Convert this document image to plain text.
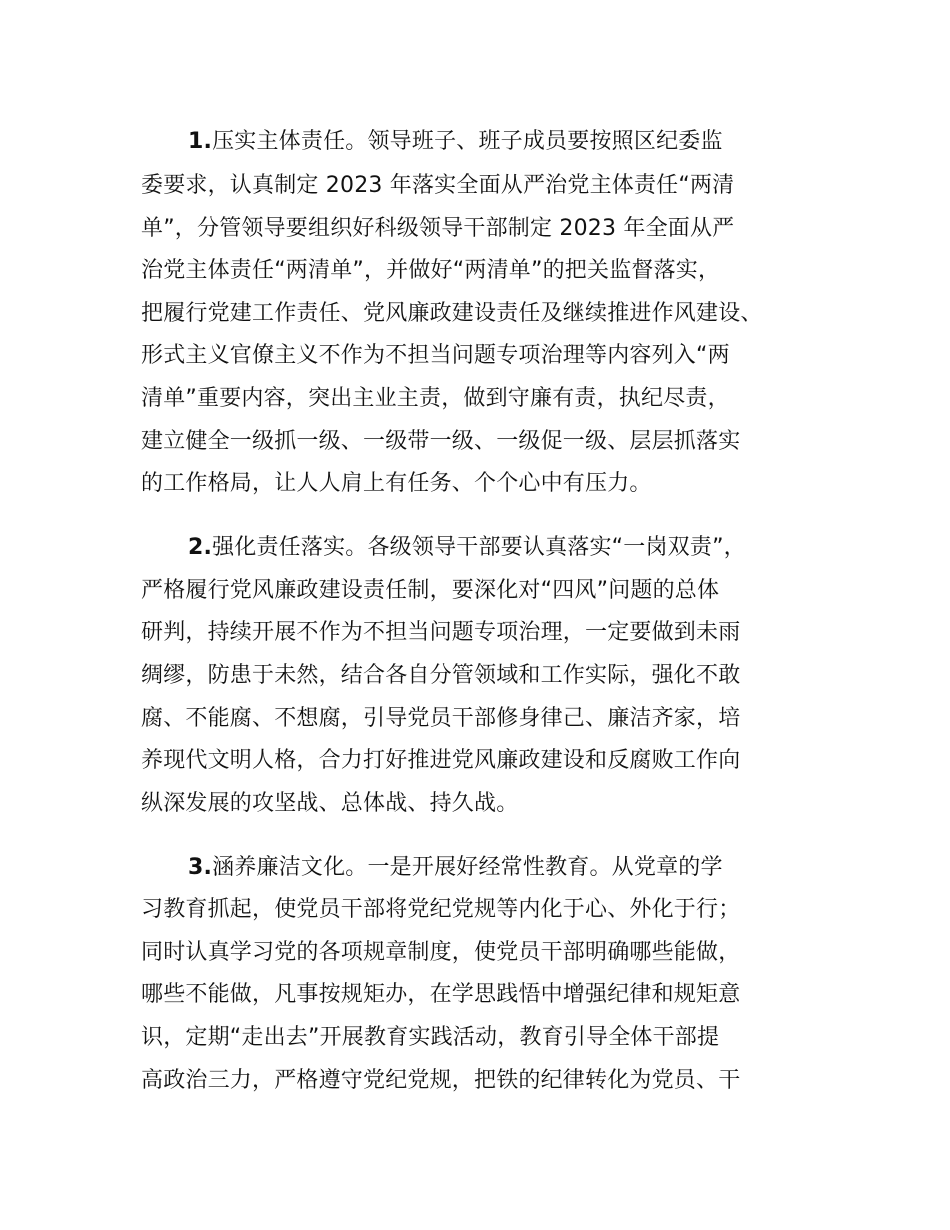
1.压实主体责任。领导班子、班子成员要按照区纪委监
委要求，认真制定 2023 年落实全面从严治党主体责任“两清
单”，分管领导要组织好科级领导干部制定 2023 年全面从严
治党主体责任“两清单”，并做好“两清单”的把关监督落实，
把履行党建工作责任、党风廉政建设责任及继续推进作风建设、
形式主义官僚主义不作为不担当问题专项治理等内容列入“两
清单”重要内容，突出主业主责，做到守廉有责，执纪尽责，
建立健全一级抓一级、一级带一级、一级促一级、层层抓落实
的工作格局，让人人肩上有任务、个个心中有压力。
2.强化责任落实。各级领导干部要认真落实“一岗双责”，
严格履行党风廉政建设责任制，要深化对“四风”问题的总体
研判，持续开展不作为不担当问题专项治理，一定要做到未雨
绸缪，防患于未然，结合各自分管领域和工作实际，强化不敢
腐、不能腐、不想腐，引导党员干部修身律己、廉洁齐家，培
养现代文明人格，合力打好推进党风廉政建设和反腐败工作向
纵深发展的攻坚战、总体战、持久战。
3.涵养廉洁文化。一是开展好经常性教育。从党章的学
习教育抓起，使党员干部将党纪党规等内化于心、外化于行；
同时认真学习党的各项规章制度，使党员干部明确哪些能做，
哪些不能做，凡事按规矩办，在学思践悟中增强纪律和规矩意
识，定期“走出去”开展教育实践活动，教育引导全体干部提
高政治三力，严格遵守党纪党规，把铁的纪律转化为党员、干
